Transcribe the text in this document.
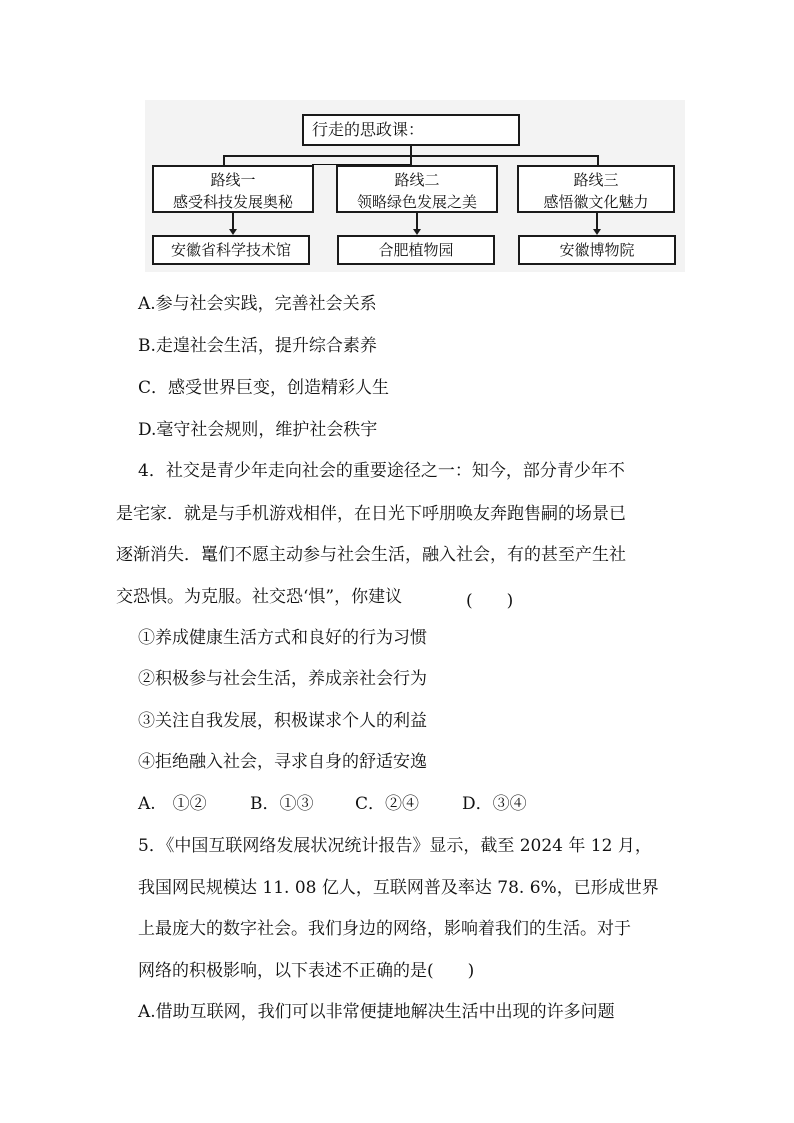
行走的思政课：
路线一
感受科技发展奥秘
路线二
领略绿色发展之美
路线三
感悟徽文化魅力
安徽省科学技术馆	合肥植物园	安徽博物院
A.参与社会实践，完善社会关系
B.走遑社会生活，提升综合素养
C．感受世界巨变，创造精彩人生
D.毫守社会规则，维护社会秩宇
4．社交是青少年走向社会的重要途径之一：知今，部分青少年不
是宅家．就是与手机游戏相伴，在日光下呼朋唤友奔跑售嗣的场景已
逐渐消失．鼍们不愿主动参与社会生活，融入社会，有的甚至产生社
交恐惧。为克服。社交恐‘惧”，你建议	(　　)
①养成健康生活方式和良好的行为习惯
②积极参与社会生活，养成亲社会行为
③关注自我发展，积极谋求个人的利益
④拒绝融入社会，寻求自身的舒适安逸
A.　①②	B．①③ C．②④	D．③④
5．《中国互联网络发展状况统计报告》显示，截至 2024 年 12 月，
我国网民规模达 11. 08 亿人，互联网普及率达 78. 6%，已形成世界
上最庞大的数字社会。我们身边的网络，影响着我们的生活。对于
网络的积极影响，以下表述不正确的是(　　)
A.借助互联网，我们可以非常便捷地解决生活中出现的许多问题
